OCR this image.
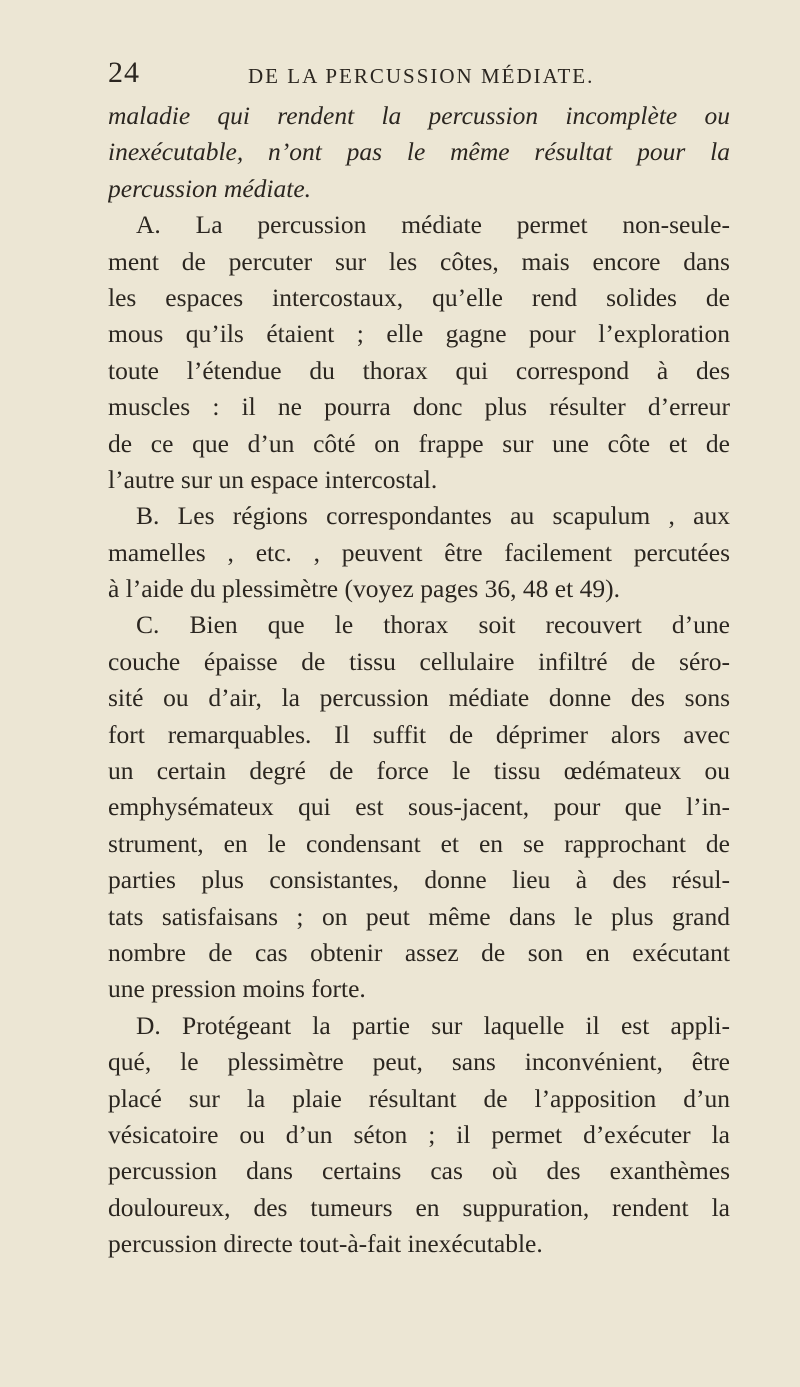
24	DE LA PERCUSSION MÉDIATE.
maladie qui rendent la percussion incomplète ou
inexécutable, n’ont pas le même résultat pour la
percussion médiate.
A. La percussion médiate permet non-seule-
ment de percuter sur les côtes, mais encore dans
les espaces intercostaux, qu’elle rend solides de
mous qu’ils étaient ; elle gagne pour l’exploration
toute l’étendue du thorax qui correspond à des
muscles : il ne pourra donc plus résulter d’erreur
de ce que d’un côté on frappe sur une côte et de
l’autre sur un espace intercostal.
B. Les régions correspondantes au scapulum , aux
mamelles , etc. , peuvent être facilement percutées
à l’aide du plessimètre (voyez pages 36, 48 et 49).
C. Bien que le thorax soit recouvert d’une
couche épaisse de tissu cellulaire infiltré de séro-
sité ou d’air, la percussion médiate donne des sons
fort remarquables. Il suffit de déprimer alors avec
un certain degré de force le tissu œdémateux ou
emphysémateux qui est sous-jacent, pour que l’in-
strument, en le condensant et en se rapprochant de
parties plus consistantes, donne lieu à des résul-
tats satisfaisans ; on peut même dans le plus grand
nombre de cas obtenir assez de son en exécutant
une pression moins forte.
D. Protégeant la partie sur laquelle il est appli-
qué, le plessimètre peut, sans inconvénient, être
placé sur la plaie résultant de l’apposition d’un
vésicatoire ou d’un séton ; il permet d’exécuter la
percussion dans certains cas où des exanthèmes
douloureux, des tumeurs en suppuration, rendent la
percussion directe tout-à-fait inexécutable.
